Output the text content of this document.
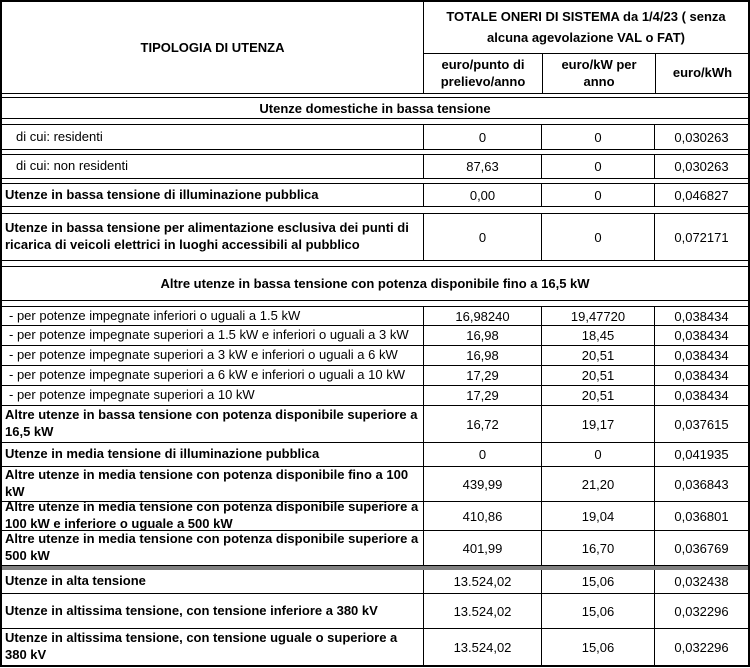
TIPOLOGIA DI UTENZA
TOTALE ONERI DI SISTEMA da 1/4/23 ( senza alcuna agevolazione VAL o FAT)
euro/punto di prelievo/anno
euro/kW per anno
euro/kWh
Utenze domestiche in bassa tensione
di cui: residenti	0	0	0,030263
di cui: non residenti	87,63	0	0,030263
Utenze in bassa tensione di illuminazione pubblica	0,00	0	0,046827
Utenze in bassa tensione per alimentazione esclusiva dei punti di ricarica di veicoli elettrici in luoghi accessibili al pubblico	0	0	0,072171
Altre utenze in bassa tensione con potenza disponibile fino a 16,5 kW
- per potenze impegnate inferiori o uguali a 1.5 kW	16,98240	19,47720	0,038434
- per potenze impegnate superiori a 1.5 kW e inferiori o uguali a 3 kW	16,98	18,45	0,038434
- per potenze impegnate superiori a 3 kW e inferiori o uguali a 6 kW	16,98	20,51	0,038434
- per potenze impegnate superiori a 6 kW e inferiori o uguali a 10 kW	17,29	20,51	0,038434
- per potenze impegnate superiori a 10 kW	17,29	20,51	0,038434
Altre utenze in bassa tensione con potenza disponibile superiore a 16,5 kW	16,72	19,17	0,037615
Utenze in media tensione di illuminazione pubblica	0	0	0,041935
Altre utenze in media tensione con potenza disponibile fino a 100 kW	439,99	21,20	0,036843
Altre utenze in media tensione con potenza disponibile superiore a 100 kW e inferiore o uguale a 500 kW	410,86	19,04	0,036801
Altre utenze in media tensione con potenza disponibile superiore a 500 kW	401,99	16,70	0,036769
Utenze in alta tensione	13.524,02	15,06	0,032438
Utenze in altissima tensione, con tensione inferiore a 380 kV	13.524,02	15,06	0,032296
Utenze in altissima tensione, con tensione uguale o superiore a 380 kV	13.524,02	15,06	0,032296
